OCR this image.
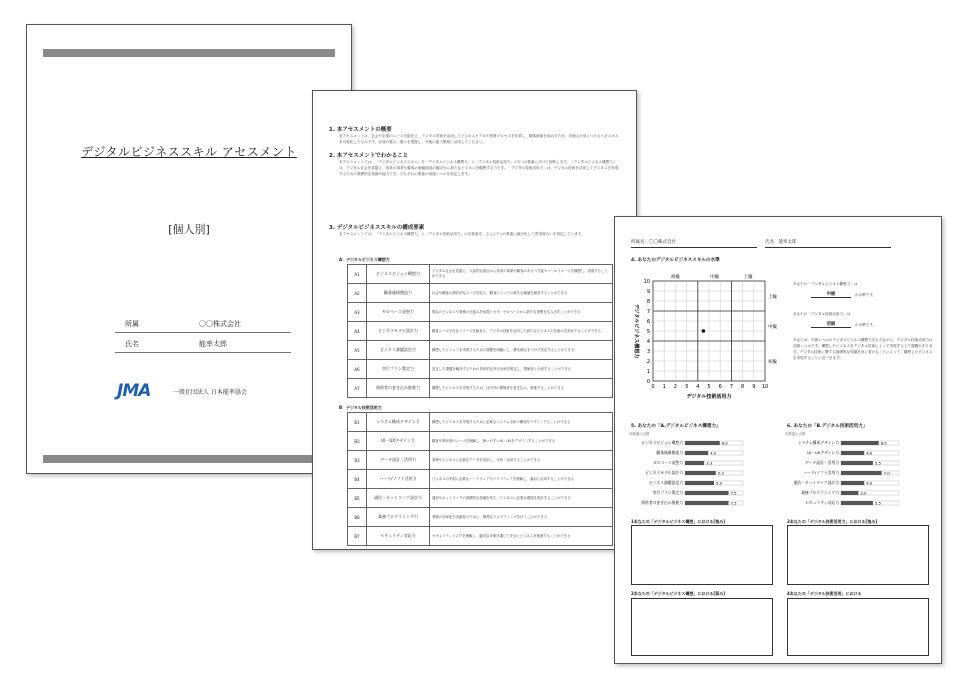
デジタルビジネススキル アセスメント
[個人別]
所属	〇〇株式会社
氏名	能率太郎
JMA	一般社団法人 日本能率協会
1. 本アセスメントの概要
本アセスメントは、社会や企業のニーズを踏まえ、デジタル技術を活用してビジネスモデルや業務プロセスを変革し、顧客価値を高めるため、各個人が身につけるべきスキルを可視化したものです。自身の強み・弱みを把握し、今後の能力開発に活用してください。
2. 本アセスメントでわかること
本アセスメントでは、「デジタルビジネススキル」を「デジタルビジネス構想力」と「デジタル技術活用力」の2つの要素に分けて診断します。「デジタルビジネス構想力」は、デジタル社会を見据え、将来の事業や顧客の価値創造の観点から新たなビジネスを構想する力です。「デジタル技術活用力」は、デジタル技術を活用してビジネスを実現するための基礎的な知識や能力です。それぞれの要素の到達レベルを判定します。
3. デジタルビジネススキルの構成要素
本アセスメントでは、「デジタルビジネス構想力」と「デジタル技術活用力」の各要素を、さらに7つの要素に細分化して習得度合いを判定しています。
A：デジタルビジネス構想力
A1	ビジネスビジョン構想力	デジタル社会を見据え、大局的な視点から将来の事業や顧客のあるべき姿やゴールイメージを構想し、表現することができる
A2	顧客価値創造力	社会や顧客の潜在的なニーズを捉え、顧客にとっての新たな価値を創造することができる
A3	ゼロベース発想力	既存のビジネスや業務の仕組みを前提とせず、ゼロベースから新たな発想を生み出すことができる
A4	ビジネスモデル設計力	顧客ニーズや自社リソースを踏まえ、デジタル技術を活用した新たなビジネスの仕組みを設計することができる
A5	ビジネス課題設定力	構想したビジョンを実現するための課題を明確にし、優先順位をつけて設定することができる
A6	実行プラン策定力	設定した課題を解決するための具体的な実行計画を策定し、関係者と合意することができる
A7	関係者の巻き込み推進力	構想したビジネスを実現するため、社内外の関係者を巻き込み、推進することができる
B：デジタル技術活用力
B1	システム構成デザイン力	構想したビジネスを実現するために必要なシステム全体の構成をデザインすることができる
B2	UI・UXデザイン力	顧客や利用者のニーズを理解し、使いやすいUI・UXをデザインすることができる
B3	データ設計・活用力	業務やビジネスに必要なデータを設計し、分析・活用することができる
B4	ハード/ソフト活用力	ビジネスの実現に必要なハードウェアやソフトウェアを理解し、適切に活用することができる
B5	通信・ネットワーク設計力	通信やネットワークの基礎的な知識を持ち、ビジネスに必要な環境を設計することができる
B6	業務プログラミング力	業務の効率化や自動化のために、簡易なプログラミングを行うことができる
B7	セキュリティ対応力	セキュリティリスクを理解し、適切な対策を講じて安全にビジネスを推進することができる
所属名：〇〇株式会社	氏名　能率太郎
4. あなたのデジタルビジネススキルの水準
0
0
1
1
2
2
3
3
4
4
5
5
6
6
7
7
8
8
9
9
10
10
初級	中級	上級
上級
中級
初級
デジタル技術活用力
デジタルビジネス構想力
あなたの「デジタルビジネス構想力」は
中級	の水準です。
あなたの「デジタル技術活用力」は
初級	の水準です。
あなたは、中級レベルのデジタルビジネス構想力をもちながら、デジタル技術活用力は初級レベルです。構想したビジネスをデジタル技術によって実現する上で課題があります。デジタル技術に関する基礎的な知識を身に着けることによって、構想したビジネスを実現することに近づきます。
5. あなたの「A.デジタルビジネス構想力」	6. あなたの「B.デジタル技術活用力」
各要素の点数
ビジネスビジョン構想力	6.0
顧客価値創造力	4.0
ゼロベース発想力	3.3
ビジネスモデル設計力	5.3
ビジネス課題設定力	5.0
実行プラン策定力	7.5
関係者の巻き込み推進力	7.5
各要素の点数
システム構成デザイン力	6.5
UI・UXデザイン力	4.0
データ設計・活用力	5.5
ハード/ソフト活用力	7.0
通信・ネットワーク設計力	4.0
業務プログラミング力	3.0
セキュリティ対応力	5.5
1あなたの「デジタルビジネス構想」における[強み]	3あなたの「デジタル技術活用力」における[強み]
2あなたの「デジタルビジネス構想」における[弱み]	4あなたの「デジタル技術活用」における
